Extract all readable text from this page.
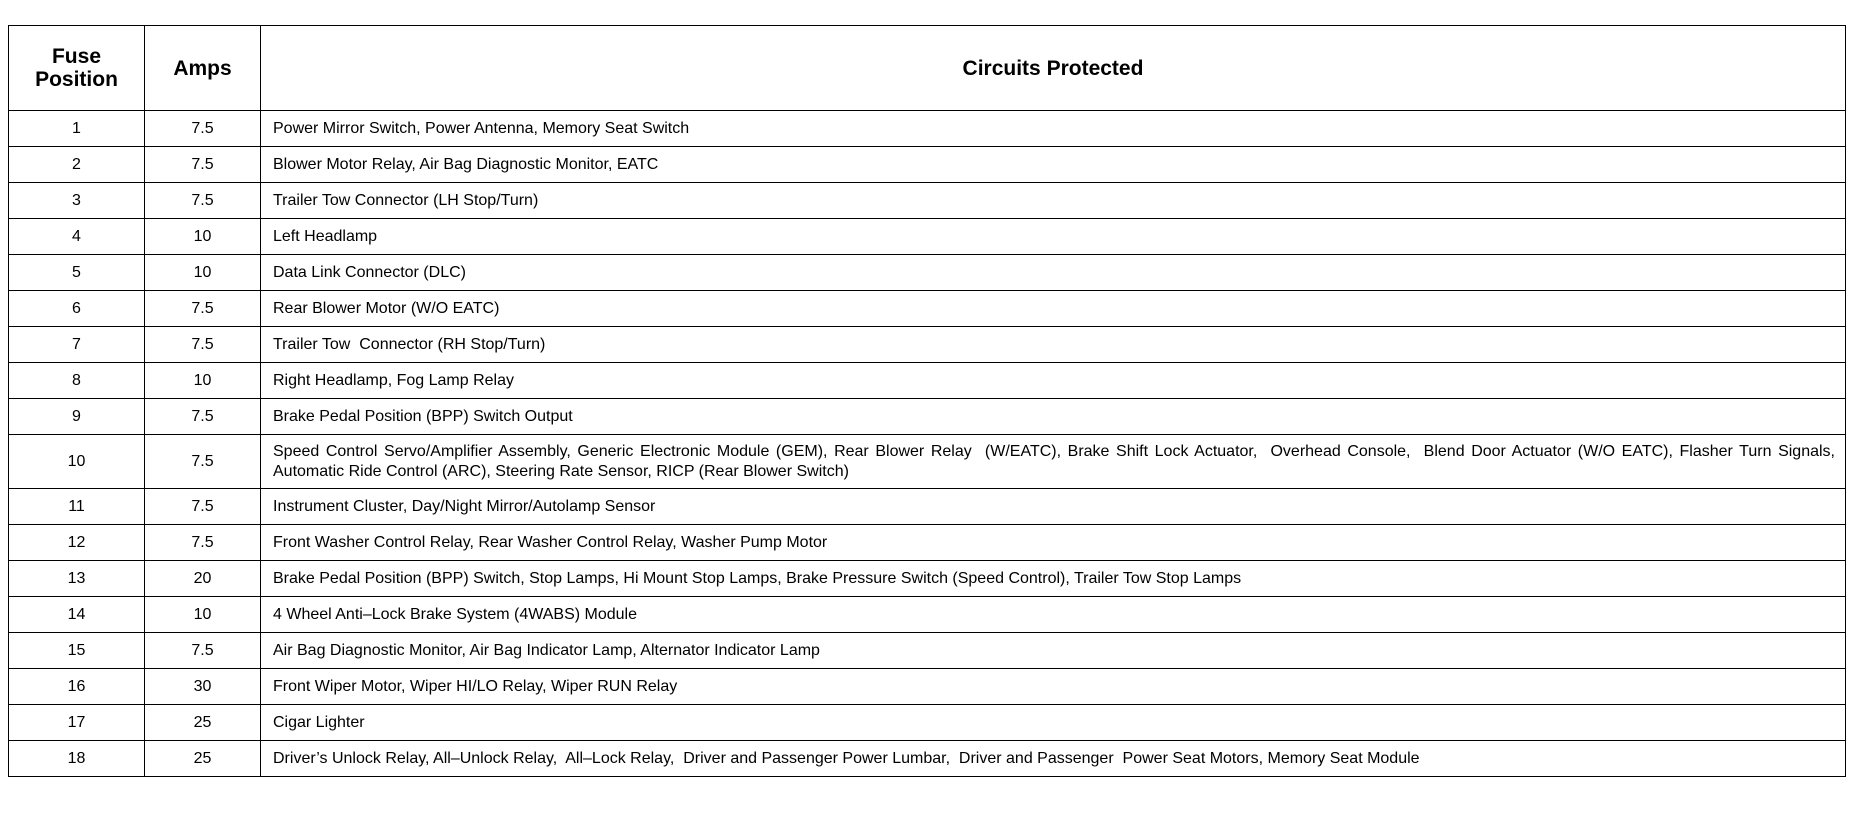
Fuse
Position	Amps	Circuits Protected
1	7.5	Power Mirror Switch, Power Antenna, Memory Seat Switch

2	7.5	Blower Motor Relay, Air Bag Diagnostic Monitor, EATC

3	7.5	Trailer Tow Connector (LH Stop/Turn)

4	10	Left Headlamp

5	10	Data Link Connector (DLC)

6	7.5	Rear Blower Motor (W/O EATC)

7	7.5	Trailer Tow  Connector (RH Stop/Turn)

8	10	Right Headlamp, Fog Lamp Relay

9	7.5	Brake Pedal Position (BPP) Switch Output

10	7.5	Speed Control Servo/Amplifier Assembly, Generic Electronic Module (GEM), Rear Blower Relay  (W/EATC), Brake Shift Lock Actuator,  Overhead Console,  Blend Door Actuator (W/O EATC), Flasher Turn Signals, Automatic Ride Control (ARC), Steering Rate Sensor, RICP (Rear Blower Switch)

11	7.5	Instrument Cluster, Day/Night Mirror/Autolamp Sensor

12	7.5	Front Washer Control Relay, Rear Washer Control Relay, Washer Pump Motor

13	20	Brake Pedal Position (BPP) Switch, Stop Lamps, Hi Mount Stop Lamps, Brake Pressure Switch (Speed Control), Trailer Tow Stop Lamps

14	10	4 Wheel Anti–Lock Brake System (4WABS) Module

15	7.5	Air Bag Diagnostic Monitor, Air Bag Indicator Lamp, Alternator Indicator Lamp

16	30	Front Wiper Motor, Wiper HI/LO Relay, Wiper RUN Relay

17	25	Cigar Lighter

18	25	Driver’s Unlock Relay, All–Unlock Relay,  All–Lock Relay,  Driver and Passenger Power Lumbar,  Driver and Passenger  Power Seat Motors, Memory Seat Module
